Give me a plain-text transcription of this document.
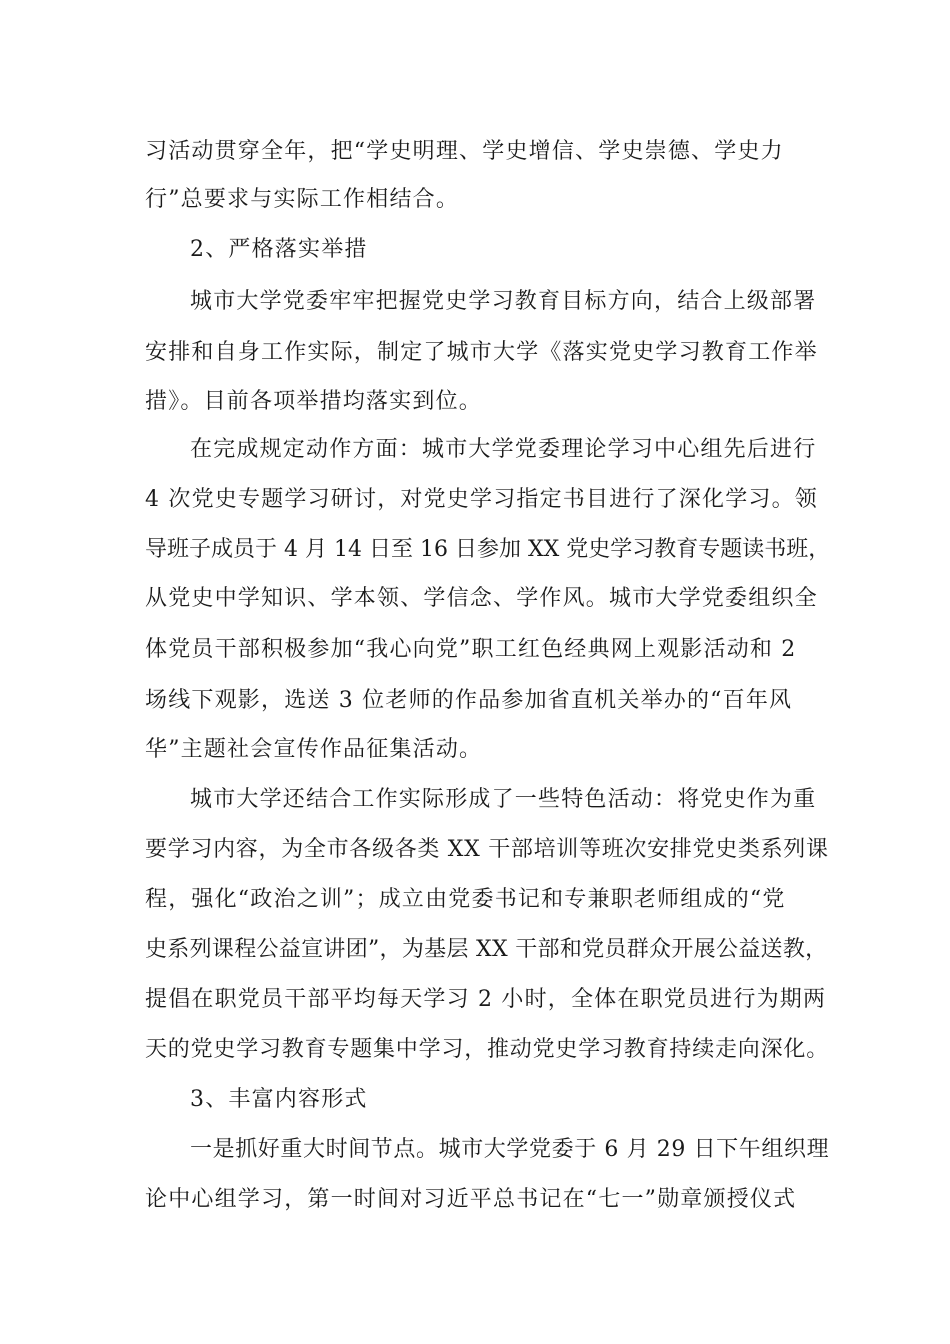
习活动贯穿全年，把“学史明理、学史增信、学史崇德、学史力
行”总要求与实际工作相结合。
2、严格落实举措
城市大学党委牢牢把握党史学习教育目标方向，结合上级部署
安排和自身工作实际，制定了城市大学《落实党史学习教育工作举
措》。目前各项举措均落实到位。
在完成规定动作方面：城市大学党委理论学习中心组先后进行
4 次党史专题学习研讨，对党史学习指定书目进行了深化学习。领
导班子成员于 4 月 14 日至 16 日参加 XX 党史学习教育专题读书班，
从党史中学知识、学本领、学信念、学作风。城市大学党委组织全
体党员干部积极参加“我心向党”职工红色经典网上观影活动和 2
场线下观影，选送 3 位老师的作品参加省直机关举办的“百年风
华”主题社会宣传作品征集活动。
城市大学还结合工作实际形成了一些特色活动：将党史作为重
要学习内容，为全市各级各类 XX 干部培训等班次安排党史类系列课
程，强化“政治之训”；成立由党委书记和专兼职老师组成的“党
史系列课程公益宣讲团”，为基层 XX 干部和党员群众开展公益送教，
提倡在职党员干部平均每天学习 2 小时，全体在职党员进行为期两
天的党史学习教育专题集中学习，推动党史学习教育持续走向深化。
3、丰富内容形式
一是抓好重大时间节点。城市大学党委于 6 月 29 日下午组织理
论中心组学习，第一时间对习近平总书记在“七一”勋章颁授仪式
